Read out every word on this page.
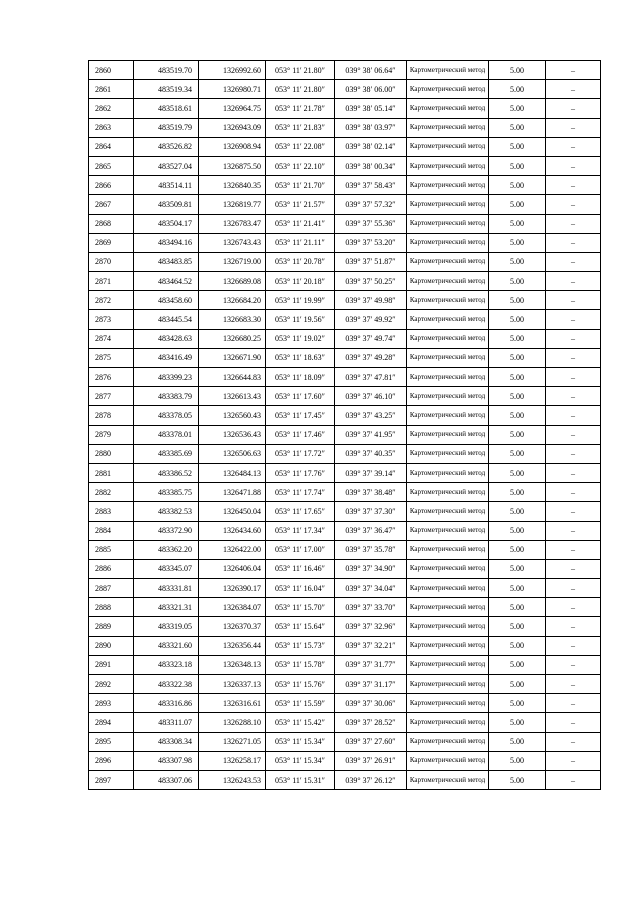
2860	483519.70	1326992.60	053° 11′ 21.80″	039° 38′ 06.64″	Картометрический метод	5.00	–
2861	483519.34	1326980.71	053° 11′ 21.80″	039° 38′ 06.00″	Картометрический метод	5.00	–
2862	483518.61	1326964.75	053° 11′ 21.78″	039° 38′ 05.14″	Картометрический метод	5.00	–
2863	483519.79	1326943.09	053° 11′ 21.83″	039° 38′ 03.97″	Картометрический метод	5.00	–
2864	483526.82	1326908.94	053° 11′ 22.08″	039° 38′ 02.14″	Картометрический метод	5.00	–
2865	483527.04	1326875.50	053° 11′ 22.10″	039° 38′ 00.34″	Картометрический метод	5.00	–
2866	483514.11	1326840.35	053° 11′ 21.70″	039° 37′ 58.43″	Картометрический метод	5.00	–
2867	483509.81	1326819.77	053° 11′ 21.57″	039° 37′ 57.32″	Картометрический метод	5.00	–
2868	483504.17	1326783.47	053° 11′ 21.41″	039° 37′ 55.36″	Картометрический метод	5.00	–
2869	483494.16	1326743.43	053° 11′ 21.11″	039° 37′ 53.20″	Картометрический метод	5.00	–
2870	483483.85	1326719.00	053° 11′ 20.78″	039° 37′ 51.87″	Картометрический метод	5.00	–
2871	483464.52	1326689.08	053° 11′ 20.18″	039° 37′ 50.25″	Картометрический метод	5.00	–
2872	483458.60	1326684.20	053° 11′ 19.99″	039° 37′ 49.98″	Картометрический метод	5.00	–
2873	483445.54	1326683.30	053° 11′ 19.56″	039° 37′ 49.92″	Картометрический метод	5.00	–
2874	483428.63	1326680.25	053° 11′ 19.02″	039° 37′ 49.74″	Картометрический метод	5.00	–
2875	483416.49	1326671.90	053° 11′ 18.63″	039° 37′ 49.28″	Картометрический метод	5.00	–
2876	483399.23	1326644.83	053° 11′ 18.09″	039° 37′ 47.81″	Картометрический метод	5.00	–
2877	483383.79	1326613.43	053° 11′ 17.60″	039° 37′ 46.10″	Картометрический метод	5.00	–
2878	483378.05	1326560.43	053° 11′ 17.45″	039° 37′ 43.25″	Картометрический метод	5.00	–
2879	483378.01	1326536.43	053° 11′ 17.46″	039° 37′ 41.95″	Картометрический метод	5.00	–
2880	483385.69	1326506.63	053° 11′ 17.72″	039° 37′ 40.35″	Картометрический метод	5.00	–
2881	483386.52	1326484.13	053° 11′ 17.76″	039° 37′ 39.14″	Картометрический метод	5.00	–
2882	483385.75	1326471.88	053° 11′ 17.74″	039° 37′ 38.48″	Картометрический метод	5.00	–
2883	483382.53	1326450.04	053° 11′ 17.65″	039° 37′ 37.30″	Картометрический метод	5.00	–
2884	483372.90	1326434.60	053° 11′ 17.34″	039° 37′ 36.47″	Картометрический метод	5.00	–
2885	483362.20	1326422.00	053° 11′ 17.00″	039° 37′ 35.78″	Картометрический метод	5.00	–
2886	483345.07	1326406.04	053° 11′ 16.46″	039° 37′ 34.90″	Картометрический метод	5.00	–
2887	483331.81	1326390.17	053° 11′ 16.04″	039° 37′ 34.04″	Картометрический метод	5.00	–
2888	483321.31	1326384.07	053° 11′ 15.70″	039° 37′ 33.70″	Картометрический метод	5.00	–
2889	483319.05	1326370.37	053° 11′ 15.64″	039° 37′ 32.96″	Картометрический метод	5.00	–
2890	483321.60	1326356.44	053° 11′ 15.73″	039° 37′ 32.21″	Картометрический метод	5.00	–
2891	483323.18	1326348.13	053° 11′ 15.78″	039° 37′ 31.77″	Картометрический метод	5.00	–
2892	483322.38	1326337.13	053° 11′ 15.76″	039° 37′ 31.17″	Картометрический метод	5.00	–
2893	483316.86	1326316.61	053° 11′ 15.59″	039° 37′ 30.06″	Картометрический метод	5.00	–
2894	483311.07	1326288.10	053° 11′ 15.42″	039° 37′ 28.52″	Картометрический метод	5.00	–
2895	483308.34	1326271.05	053° 11′ 15.34″	039° 37′ 27.60″	Картометрический метод	5.00	–
2896	483307.98	1326258.17	053° 11′ 15.34″	039° 37′ 26.91″	Картометрический метод	5.00	–
2897	483307.06	1326243.53	053° 11′ 15.31″	039° 37′ 26.12″	Картометрический метод	5.00	–
